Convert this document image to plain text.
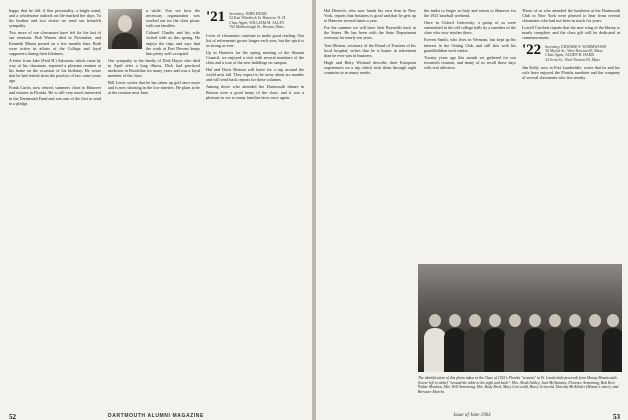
happy that he did. A fine personality, a bright mind, and a wholesome outlook on life marked her days. To his brother and two sisters we send our heartfelt sympathy.

Two more of our classmates have left for the last of our reunions. Bob Warren died in November, and Kenneth Mason passed on a few months later. Both were active in affairs of the College and loyal supporters during their lifetimes.

A letter from Jake (Fred H.) Salomon, which came by way of his classmate, reported a pleasant reunion at his home on the occasion of his birthday. He wrote that he had retired from the practice of law some years ago.

Frank Curtis, now retired, summers close to Hanover and winters in Florida. He is still very much interested in the Dartmouth Fund and was one of the first to send in a pledge.

a while. You see how the necessary organization was worked out for the class picnic with our families.

Colonel Charlie and his wife visited with us this spring. He enjoys the trips and says that the work at Fort Devens keeps him pretty well occupied.

Our sympathy to the family of Dick Hayes who died in April after a long illness. Dick had practiced medicine in Brookline for many years and was a loyal member of the class.

Bill Lewis writes that he has taken up golf once more and is now shooting in the low nineties. He plans to be at the reunion next June.

'21 Secretary, JOHN HURD
52 East Wheelock St. Hanover, N. H.
Class Agent, WILLIAM M. ALLEY
762 Marlborough St., Boston, Mass.

Lives of classmates continue to make good reading. Our list of retirements grows longer each year, but the spirit is as strong as ever.

Up in Hanover for the spring meeting of the Alumni Council, we enjoyed a visit with several members of the class and a tour of the new buildings on campus.

Hal and Doris Benson will leave for a trip around the world next fall. They expect to be away about six months and will send back reports for these columns.

Among those who attended the Dartmouth dinner in Boston were a good many of the class, and it was a pleasure to see so many familiar faces once again.

52	DARTMOUTH ALUMNI MAGAZINE

Hal Dietrich, who now heads his own firm in New York, reports that business is good and that he gets up to Hanover several times a year.

For the summer we will have Jack Reynolds back in the States. He has been with the State Department overseas for nearly ten years.

Tom Morton, secretary of the Board of Trustees of his local hospital, writes that he is busier in retirement than he ever was in business.

Hugh and Betty Wickard describe their European experiences on a trip which took them through eight countries in as many weeks.

the midst to linger in Italy and return to Hanover for the 1921 baseball weekend.

Once in Oxford University, a group of us were entertained in the old college halls by a member of the class who now teaches there.

Everett Smith, who lives in Vermont, has kept up his interest in the Outing Club and still skis with his grandchildren each winter.

Twenty years ago this month we gathered for our twentieth reunion, and many of us recall those days with real affection.

Those of us who attended the luncheon at the Dartmouth Club in New York were pleased to hear from several classmates who had not been in touch for years.

Lowell Crockett reports that the new wing of the library is nearly complete, and the class gift will be dedicated at commencement.

'22 Secretary, EDWARD F. WORMWOOD
30 Myrtle St., West Newton 65, Mass.
Class Agent, ALDEN R. HARD
24 Scott St., West Newton 65, Mass.

Jim Kelly, now in Fort Lauderdale, wrote that he and his wife have enjoyed the Florida sunshine and the company of several classmates who live nearby.

The identification of this photo taken at the Class of 1922's Florida "reunion" in Ft. Lauderdale proceeds from Manny Mountcastle (lower left in white) "around the table to his right and back": Mrs. Alvah Ackley, Jack McNamara, Florence Armstrong, Bob Kerr, Walter Moulton, Mrs. Will Armstrong, Mrs. Rudy Reed, Mary Gris-wold, Harry Griswold, Dorothy McAllister (Manny's sister), and Brewster Marvin.
Issue of June 1964	53
